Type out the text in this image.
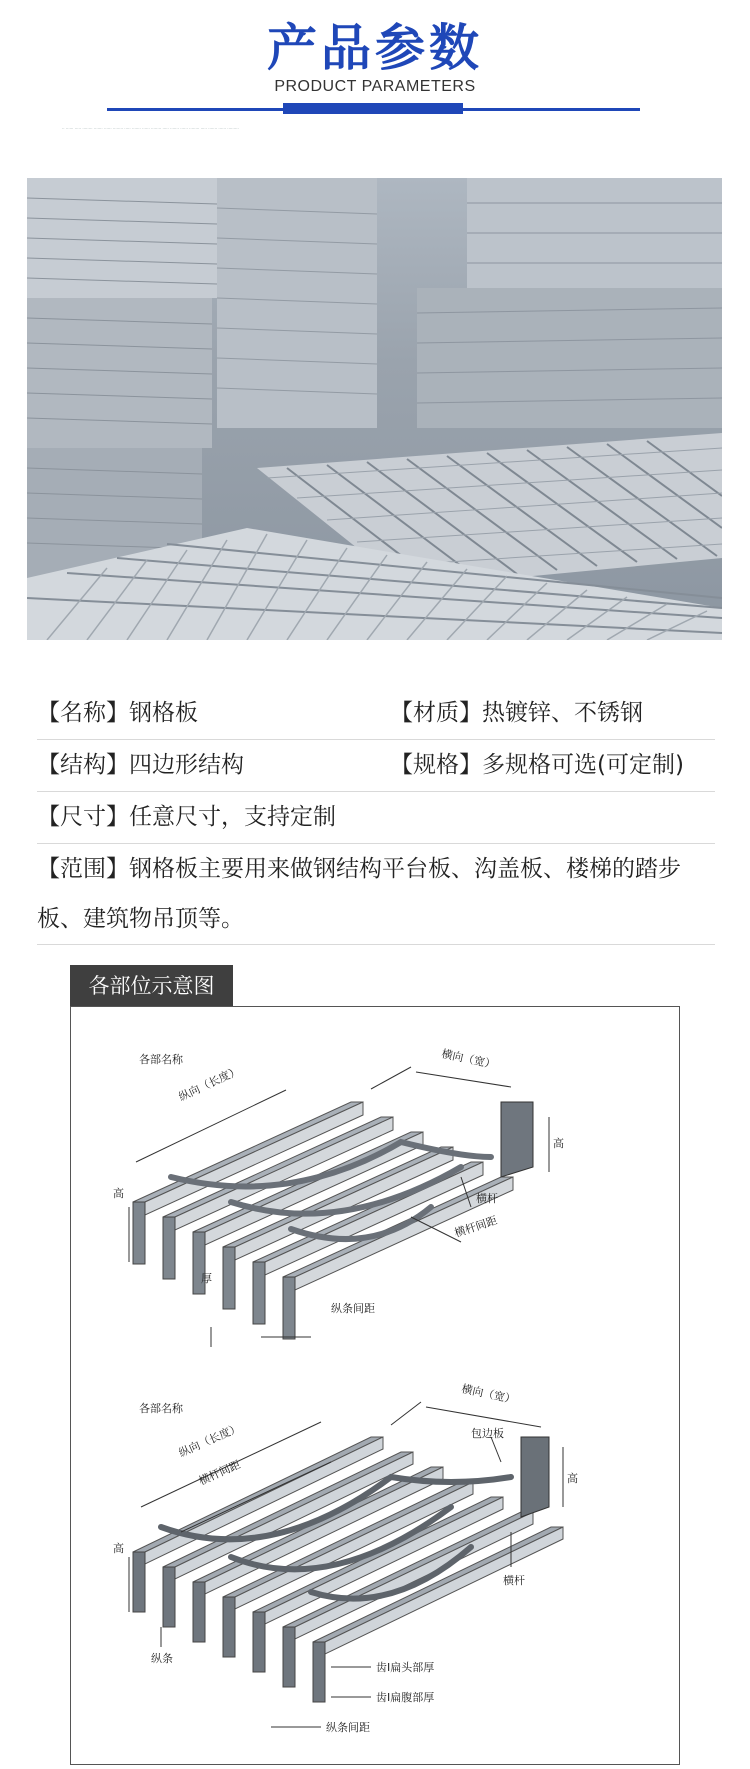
产品参数
PRODUCT PARAMETERS
·· ······ ····· ········ ······· ······ ········ ····· ······· ······ ········ ····· ······· ······ ········ ····· ······· ······ ·········
【名称】钢格板	【材质】热镀锌、不锈钢
【结构】四边形结构	【规格】多规格可选(可定制)
【尺寸】任意尺寸，支持定制
【范围】钢格板主要用来做钢结构平台板、沟盖板、楼梯的踏步板、建筑物吊顶等。
各部位示意图
各部名称
纵向（长度）
横向（宽）
高
高
横杆
横杆间距
厚
纵条间距
各部名称
纵向（长度）
横杆间距
横向（宽）
包边板
高
高
横杆
纵条
齿Ⅰ扁头部厚
齿Ⅰ扁腹部厚
纵条间距
